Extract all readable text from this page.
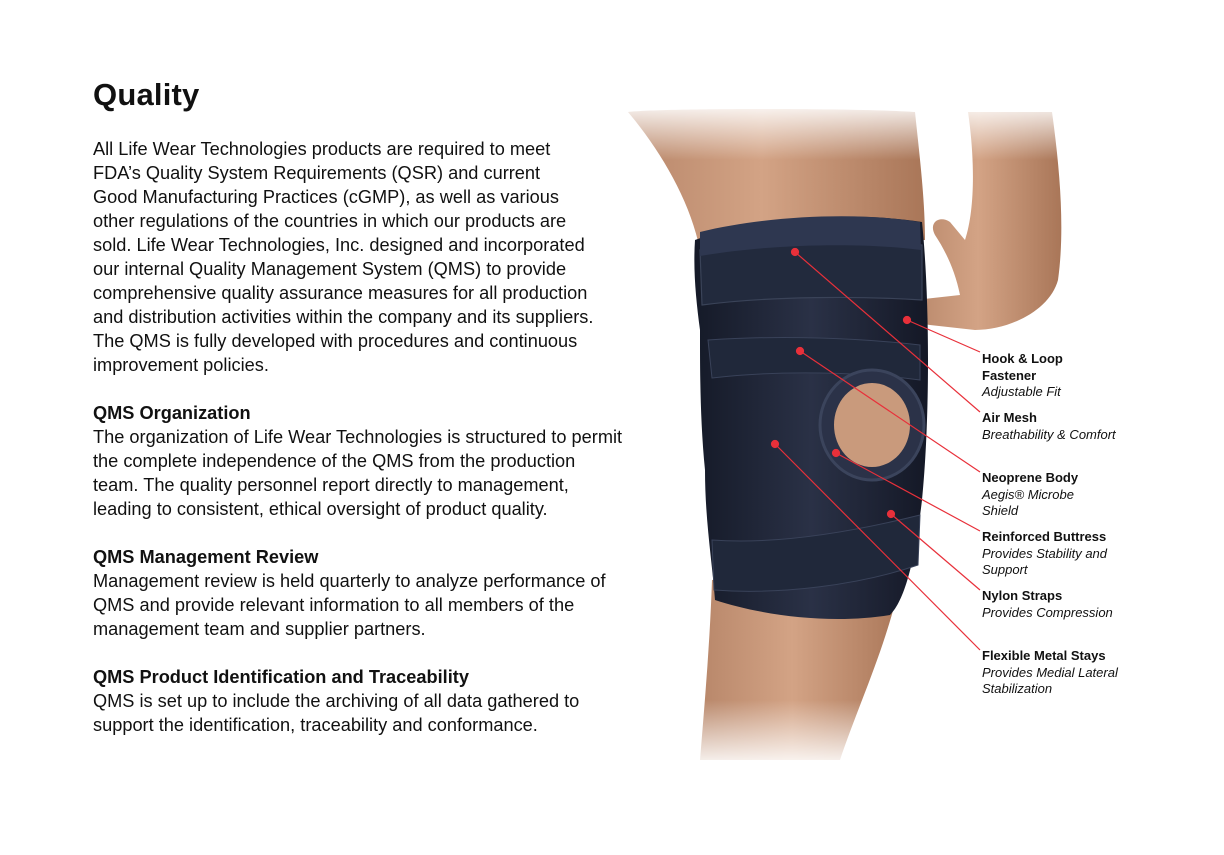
Quality

All Life Wear Technologies products are required to meet
FDA’s Quality System Requirements (QSR) and current
Good Manufacturing Practices (cGMP), as well as various
other regulations of the countries in which our products are
sold. Life Wear Technologies, Inc. designed and incorporated
our internal Quality Management System (QMS) to provide
comprehensive quality assurance measures for all production
and distribution activities within the company and its suppliers.
The QMS is fully developed with procedures and continuous
improvement policies.

QMS Organization

The organization of Life Wear Technologies is structured to permit
the complete independence of the QMS from the production
team. The quality personnel report directly to management,
leading to consistent, ethical oversight of product quality.

QMS Management Review

Management review is held quarterly to analyze performance of
QMS and provide relevant information to all members of the
management team and supplier partners.

QMS Product Identification and Traceability

QMS is set up to include the archiving of all data gathered to
support the identification, traceability and conformance.

Hook & Loop
Fastener
Adjustable Fit
Air Mesh
Breathability & Comfort
Neoprene Body
Aegis® Microbe
Shield
Reinforced Buttress
Provides Stability and
Support
Nylon Straps
Provides Compression
Flexible Metal Stays
Provides Medial Lateral
Stabilization
